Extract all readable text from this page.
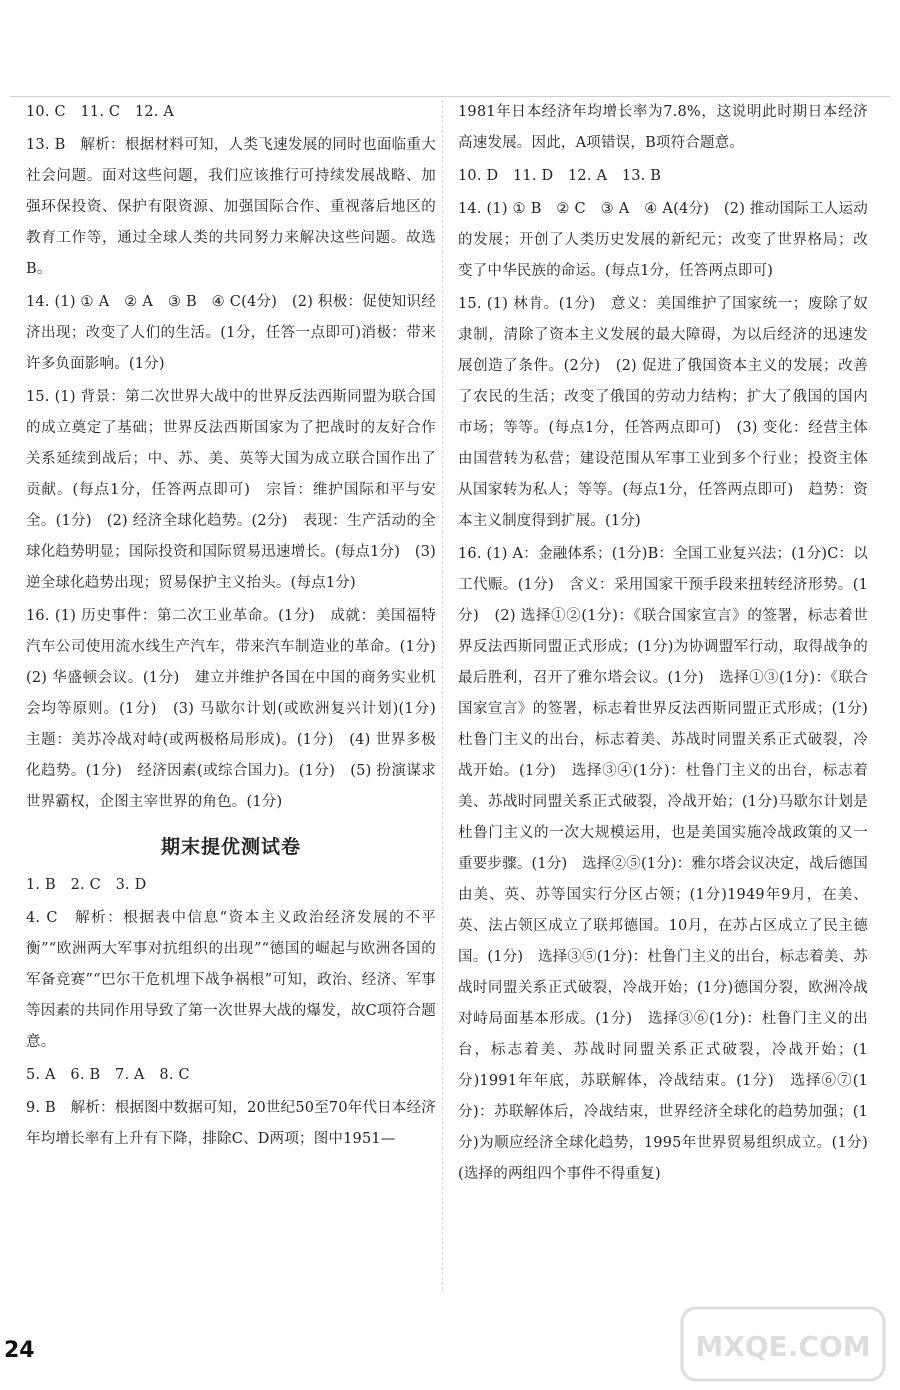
10. C　11. C　12. A

13. B　解析：根据材料可知，人类飞速发展的同时也面临重大社会问题。面对这些问题，我们应该推行可持续发展战略、加强环保投资、保护有限资源、加强国际合作、重视落后地区的教育工作等，通过全球人类的共同努力来解决这些问题。故选B。

14. (1) ① A　② A　③ B　④ C(4分)　(2) 积极：促使知识经济出现；改变了人们的生活。(1分，任答一点即可)消极：带来许多负面影响。(1分)

15. (1) 背景：第二次世界大战中的世界反法西斯同盟为联合国的成立奠定了基础；世界反法西斯国家为了把战时的友好合作关系延续到战后；中、苏、美、英等大国为成立联合国作出了贡献。(每点1分，任答两点即可)　宗旨：维护国际和平与安全。(1分)　(2) 经济全球化趋势。(2分)　表现：生产活动的全球化趋势明显；国际投资和国际贸易迅速增长。(每点1分)　(3) 逆全球化趋势出现；贸易保护主义抬头。(每点1分)

16. (1) 历史事件：第二次工业革命。(1分)　成就：美国福特汽车公司使用流水线生产汽车，带来汽车制造业的革命。(1分)　(2) 华盛顿会议。(1分)　建立并维护各国在中国的商务实业机会均等原则。(1分)　(3) 马歇尔计划(或欧洲复兴计划)(1分)　主题：美苏冷战对峙(或两极格局形成)。(1分)　(4) 世界多极化趋势。(1分)　经济因素(或综合国力)。(1分)　(5) 扮演谋求世界霸权，企图主宰世界的角色。(1分)

期末提优测试卷

1. B　2. C　3. D

4. C　解析：根据表中信息“资本主义政治经济发展的不平衡”“欧洲两大军事对抗组织的出现”“德国的崛起与欧洲各国的军备竞赛”“巴尔干危机埋下战争祸根”可知，政治、经济、军事等因素的共同作用导致了第一次世界大战的爆发，故C项符合题意。

5. A　6. B　7. A　8. C

9. B　解析：根据图中数据可知，20世纪50至70年代日本经济年均增长率有上升有下降，排除C、D两项；图中1951—

1981年日本经济年均增长率为7.8%，这说明此时期日本经济高速发展。因此，A项错误，B项符合题意。

10. D　11. D　12. A　13. B

14. (1) ① B　② C　③ A　④ A(4分)　(2) 推动国际工人运动的发展；开创了人类历史发展的新纪元；改变了世界格局；改变了中华民族的命运。(每点1分，任答两点即可)

15. (1) 林肯。(1分)　意义：美国维护了国家统一；废除了奴隶制，清除了资本主义发展的最大障碍，为以后经济的迅速发展创造了条件。(2分)　(2) 促进了俄国资本主义的发展；改善了农民的生活；改变了俄国的劳动力结构；扩大了俄国的国内市场；等等。(每点1分，任答两点即可)　(3) 变化：经营主体由国营转为私营；建设范围从军事工业到多个行业；投资主体从国家转为私人；等等。(每点1分，任答两点即可)　趋势：资本主义制度得到扩展。(1分)

16. (1) A：金融体系；(1分)B：全国工业复兴法；(1分)C：以工代赈。(1分)　含义：采用国家干预手段来扭转经济形势。(1分)　(2) 选择①②(1分)：《联合国家宣言》的签署，标志着世界反法西斯同盟正式形成；(1分)为协调盟军行动，取得战争的最后胜利，召开了雅尔塔会议。(1分)　选择①③(1分)：《联合国家宣言》的签署，标志着世界反法西斯同盟正式形成；(1分)杜鲁门主义的出台，标志着美、苏战时同盟关系正式破裂，冷战开始。(1分)　选择③④(1分)：杜鲁门主义的出台，标志着美、苏战时同盟关系正式破裂，冷战开始；(1分)马歇尔计划是杜鲁门主义的一次大规模运用，也是美国实施冷战政策的又一重要步骤。(1分)　选择②⑤(1分)：雅尔塔会议决定，战后德国由美、英、苏等国实行分区占领；(1分)1949年9月，在美、英、法占领区成立了联邦德国。10月，在苏占区成立了民主德国。(1分)　选择③⑤(1分)：杜鲁门主义的出台，标志着美、苏战时同盟关系正式破裂，冷战开始；(1分)德国分裂，欧洲冷战对峙局面基本形成。(1分)　选择③⑥(1分)：杜鲁门主义的出台，标志着美、苏战时同盟关系正式破裂，冷战开始；(1分)1991年年底，苏联解体，冷战结束。(1分)　选择⑥⑦(1分)：苏联解体后，冷战结束，世界经济全球化的趋势加强；(1分)为顺应经济全球化趋势，1995年世界贸易组织成立。(1分)(选择的两组四个事件不得重复)

24	MXQE.COM
